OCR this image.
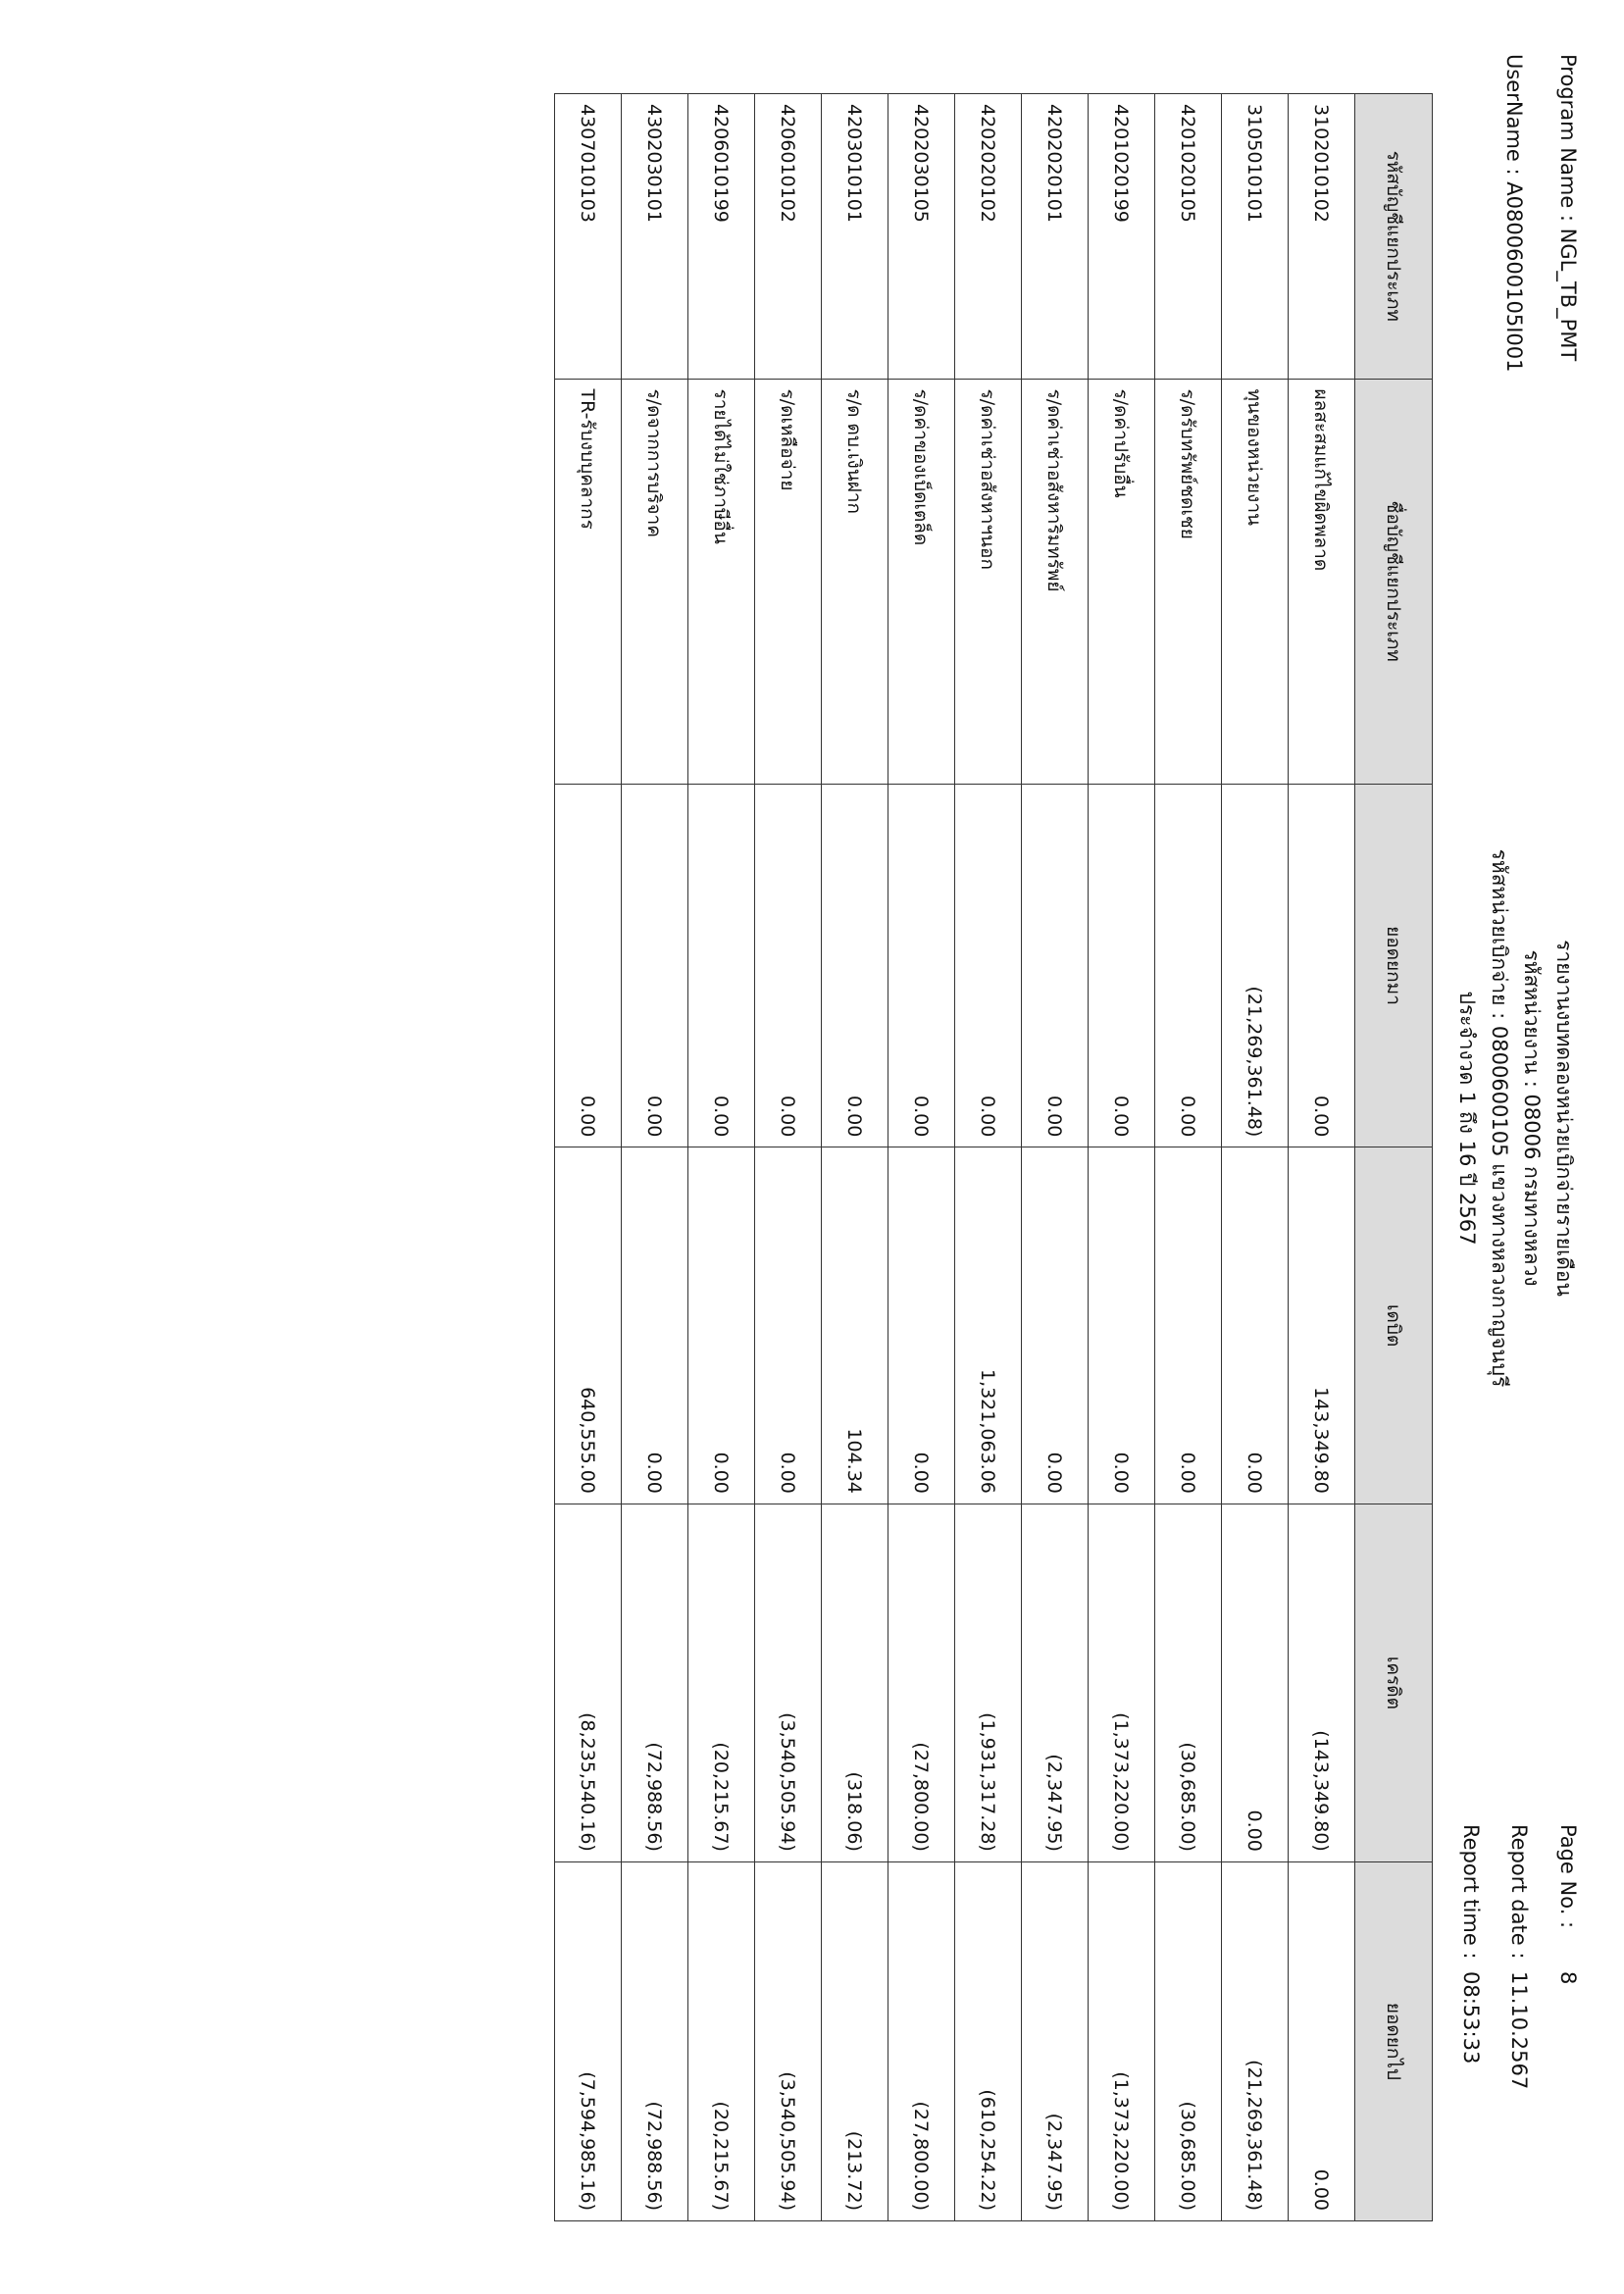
Program Name : NGL_TB_PMT
UserName : A0800600105I001
รายงานงบทดลองหน่วยเบิกจ่ายรายเดือน
รหัสหน่วยงาน : 08006 กรมทางหลวง
รหัสหน่วยเบิกจ่าย : 0800600105 แขวงทางหลวงกาญจนบุรี
ประจำงวด 1 ถึง 16 ปี 2567
Page No. :
8
Report date :
11.10.2567
Report time :
08:53:33
รหัสบัญชีแยกประเภท	ชื่อบัญชีแยกประเภท	ยอดยกมา	เดบิต	เครดิต	ยอดยกไป
3102010102	ผลสะสมแก้ไขผิดพลาด	0.00	143,349.80	(143,349.80)	0.00
3105010101	ทุนของหน่วยงาน	(21,269,361.48)	0.00	0.00	(21,269,361.48)
4201020105	ร/ดรับทรัพย์ชดเชย	0.00	0.00	(30,685.00)	(30,685.00)
4201020199	ร/ดค่าปรับอื่น	0.00	0.00	(1,373,220.00)	(1,373,220.00)
4202020101	ร/ดค่าเช่าอสังหาริมทรัพย์	0.00	0.00	(2,347.95)	(2,347.95)
4202020102	ร/ดค่าเช่าอสังหาฯนอก	0.00	1,321,063.06	(1,931,317.28)	(610,254.22)
4202030105	ร/ดค่าของเบ็ดเตล็ด	0.00	0.00	(27,800.00)	(27,800.00)
4203010101	ร/ด ดบ.เงินฝาก	0.00	104.34	(318.06)	(213.72)
4206010102	ร/ดเหลือจ่าย	0.00	0.00	(3,540,505.94)	(3,540,505.94)
4206010199	รายได้ไม่ใช่ภาษีอื่น	0.00	0.00	(20,215.67)	(20,215.67)
4302030101	ร/ดจากการบริจาค	0.00	0.00	(72,988.56)	(72,988.56)
4307010103	TR-รับงบบุคลากร	0.00	640,555.00	(8,235,540.16)	(7,594,985.16)
